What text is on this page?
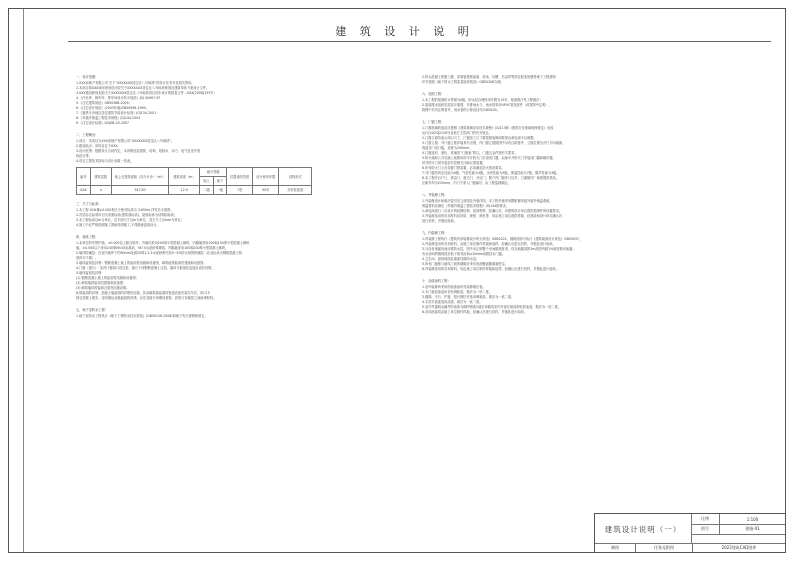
建 筑 设 计 说 明
一、设计依据：
1.XXX房地产有限公司 关于“XXXXXXX居住区八号地块”的设计任务书及相关资料。
2.本单位和XXX城市规划设计院关于XXXXXXX居住区八号地块规划及建筑单体方案设计文件。
3.XXX建设和规划局关于XXXXXXX居住区八号地块项目初步设计的批复文件（XXX[2008]133号）
4.《汽车库、修车库、停车场设计防火规范》JGJ 50067-97
5.《住宅建筑规范》GB50368-2005；
6.《住宅设计规范》(2003年版)GB50096-1999；
7.《夏热冬冷地区居住建筑节能设计标准》JGJ134-2001
8.《外墙外保温工程技术规程》JGJ144-2004
9.《住宅设计标准》DGJ08-20-2007
二、工程概况：
1.项目：本项目为XXX房地产有限公司“XXXXXXX居住区八号地块”。
2.建设地点：该项目位于XXX。
3.设计范围：根据设计合同约定，本说明包括建筑、结构、给排水、动力、电气及室外管
线设计等。
4.项目主要技术指标与设计参数一览表。
编号	建筑层数	地上总建筑面积（局分计步）（m²）	建筑高度（m）	耐火等级		抗震设防烈度	设计使用年限	结构形式
				地上	地下			
42#	4	547.80	12.9	二级	一级	7度	50年	异形柱框架
三、尺寸与标高：
1.本工程 42#楼±0.000相当于绝对标高为 3.650m,详见总平面图。
2.各层标注标高均为完成面标高(建筑面标高)，屋面标高为结构面标高；
3.本工程标高以m为单位，总平面尺寸以m为单位，其它尺寸以mm为单位；
4.施工中应严格按照施工图和说明施工,不得随意更改设计。
四、墙体工程：
1.本单位的外围护墙，±0.000以上除注明外，外墙均采用200厚小型混凝土砌块，内隔墙采用200和100厚小型混凝土砌块
墙，±0.000以下采用240厚MU10标准砖、M7.5水泥砂浆砌筑，内隔墙采用100和200厚小型混凝土砌块。
2.墙体防潮层：在室内地坪下约60mm处做20厚1:2.5水泥砂浆内加3~5%防水剂的防潮层（在此标高为钢筋混凝土构
造时可不做）。
3.墙体留洞及封堵：钢筋混凝土墙上的留洞见结施和设备图，砌筑墙预留洞见建施和设备图。
4.门窗（窗台）：室内门窗洞口设过梁，窗台下设钢筋混凝土压顶，墙体与框架柱连接处设拉结筋。
5.墙体留洞及封堵
(1) 钢筋混凝土墙上的留洞见结施和设备图；
(2) 砌筑墙预留洞见建施和设备图；
(3) 砌筑墙体预留洞过梁见结施说明。
6.预留洞的封堵：混凝土墙留洞的封堵见结施，其余砌筑墙留洞待管道设备安装完毕后，用C15
细石混凝土填实；变形缝处双墙留洞的封堵，应在双墙分别增设套管，套管与穿墙管之间嵌堵材料。
五、地下室防水工程：
1.地下室防水工程执行《地下工程防水技术规范》(GB50108-2008)和地方有关规程和规定。
2.防水混凝土的施工缝、穿墙管道预留洞、转角、坑槽、后浇带等部位和变形缝等地下工程薄弱
环节按照《地下防水工程质量验收规范》GB50208办理。
六、屋面工程：
1.本工程的屋面防水等级为II级，防水层合理使用年限为15年，屋面做法见工程做法；
2.屋面排水组织见屋顶平面图，外排雨水斗、雨水管采用UPVC管及配件（或按图中注明），
除图中另有注明者外，雨水管的公称直径均为DN100。
七、门窗工程：
1.门窗玻璃的选用应遵照《建筑玻璃应用技术规程》JGJ113和《建筑安全玻璃管理规定》发改
运行[2003]2116号及地方主管部门的有关规定。
2.门窗立面均表示洞口尺寸，门窗加工尺寸要按照装修面厚度由承包商予以调整。
3.门窗立樘：外门窗立樘详墙身节点图，内门窗立樘除图中另有注明者外，立樘位置为开门方向墙面。
管道井门设门槛，高度为250mm。
4.门窗选料、颜色、玻璃见“门窗表”附注，门窗五金件按有关要求。
5.防火墙和公共走廊上疏散用的平开防火门应设闭门器，双扇平开防火门安装闭门器和顺序器，
常开防火门须安装信号控制关闭和反馈装置。
6.所有防火门上应设置门禁装置，必须满足防火规范要求。
7.外门窗抗风压性能为4级，气密性能为4级，水密性能为3级，保温性能为7级，隔声性能为3级。
8.本工程开启户门，需由门、窗边门、开启门，除户内门窗外门以外，门窗制作厂商需提供样品。
注明外均为220mm，内门不需入门窗编号，由工程监理确定。
八、外装修工程：
1.外装修设计和做法索引见立面图及外墙详图，本工程外墙采用膨胀聚苯板外墙外保温系统，
保温材料应满足《外墙外保温工程技术规程》JGJ144的要求。
2.承包商进行二次设计的轻钢结构、装饰物等，经确认后，向建筑设计单位提供预埋件的设置要求。
3.外装修选用的各项材料其材质、规格、颜色等，均由施工单位提供样板，经建设和设计单位确认后
进行封样，并据此验收。
九、内装修工程：
1.内装修工程执行《建筑内部装修设计防火规范》GB50222，楼地面部分执行《建筑地面设计规范》GB50037。
2.内装修选用的各项材料，由施工单位制作样板和选样，经确认后进行封样，并据此进行验收。
3.凡设有地漏房间应做防水层，图中未注明整个房间做坡度者，均在地漏周围1m范围内做1%坡度坡向地漏；
有水房间的楼地面应低于相邻房间≥20mm或做挡水门槛。
4.卫生间、厨房地面及墙面均做防水层。
5.所有门窗框与墙体之间的缝隙应采用发泡聚氨酯填塞密实。
6.内装修选用的各项材料，均由施工单位制作样板和选样，经确认后进行封样，并据此进行验收。
十、油漆涂料工程：
1.室内装修所采用的油漆涂料见装修做法表。
2.木门窗油漆选用各色调和漆，做法为一底二度。
3.楼梯、平台、护窗、阳台钢栏杆选用调和漆，做法为一底二度。
4.木扶手油漆选用清漆，做法为一底二度。
5.室内外露明金属件的油漆为刷防锈漆2道后再做同室内外部位相同颜色的油漆，做法为一底二度。
6.各项油漆均由施工单位制作样板，经确认后进行封样，并据此进行验收。
建筑设计说明（一）
比例	1:100
图号	建施-01
制图	任务及附图	2022建筑CAD图库
